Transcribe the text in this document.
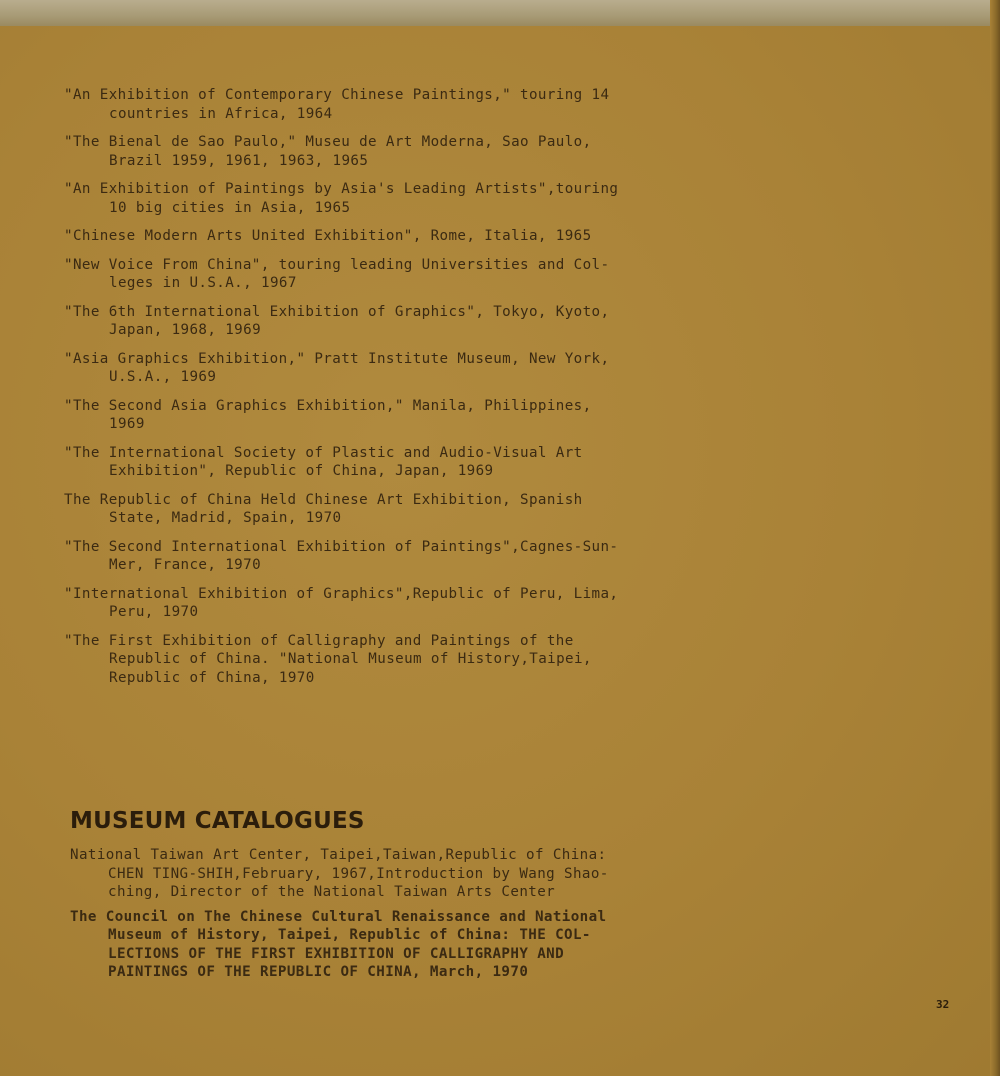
"An Exhibition of Contemporary Chinese Paintings," touring 14
countries in Africa, 1964
"The Bienal de Sao Paulo," Museu de Art Moderna, Sao Paulo,
Brazil 1959, 1961, 1963, 1965
"An Exhibition of Paintings by Asia's Leading Artists",touring
10 big cities in Asia, 1965
"Chinese Modern Arts United Exhibition", Rome, Italia, 1965
"New Voice From China", touring leading Universities and Col-
leges in U.S.A., 1967
"The 6th International Exhibition of Graphics", Tokyo, Kyoto,
Japan, 1968, 1969
"Asia Graphics Exhibition," Pratt Institute Museum, New York,
U.S.A., 1969
"The Second Asia Graphics Exhibition," Manila, Philippines,
1969
"The International Society of Plastic and Audio-Visual Art
Exhibition", Republic of China, Japan, 1969
The Republic of China Held Chinese Art Exhibition, Spanish
State, Madrid, Spain, 1970
"The Second International Exhibition of Paintings",Cagnes-Sun-
Mer, France, 1970
"International Exhibition of Graphics",Republic of Peru, Lima,
Peru, 1970
"The First Exhibition of Calligraphy and Paintings of the
Republic of China. "National Museum of History,Taipei,
Republic of China, 1970
MUSEUM CATALOGUES
National Taiwan Art Center, Taipei,Taiwan,Republic of China:
CHEN TING-SHIH,February, 1967,Introduction by Wang Shao-
ching, Director of the National Taiwan Arts Center
The Council on The Chinese Cultural Renaissance and National
Museum of History, Taipei, Republic of China: THE COL-
LECTIONS OF THE FIRST EXHIBITION OF CALLIGRAPHY AND
PAINTINGS OF THE REPUBLIC OF CHINA, March, 1970
32
